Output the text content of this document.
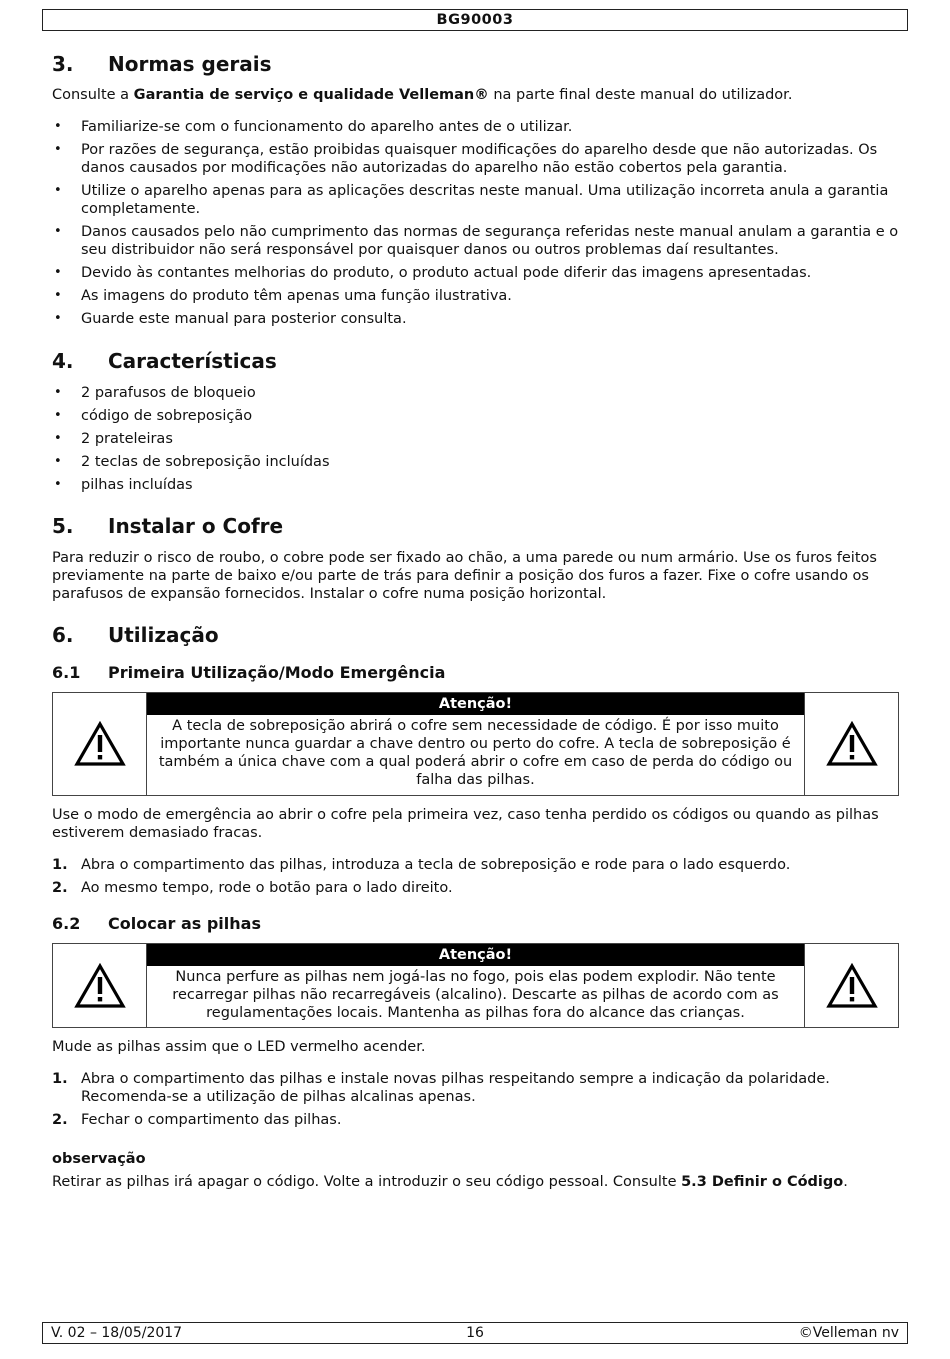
BG90003
3. Normas gerais
Consulte a Garantia de serviço e qualidade Velleman® na parte final deste manual do utilizador.
• Familiarize-se com o funcionamento do aparelho antes de o utilizar.
• Por razões de segurança, estão proibidas quaisquer modificações do aparelho desde que não autorizadas. Os danos causados por modificações não autorizadas do aparelho não estão cobertos pela garantia.
• Utilize o aparelho apenas para as aplicações descritas neste manual. Uma utilização incorreta anula a garantia completamente.
• Danos causados pelo não cumprimento das normas de segurança referidas neste manual anulam a garantia e o seu distribuidor não será responsável por quaisquer danos ou outros problemas daí resultantes.
• Devido às contantes melhorias do produto, o produto actual pode diferir das imagens apresentadas.
• As imagens do produto têm apenas uma função ilustrativa.
• Guarde este manual para posterior consulta.
4. Características
• 2 parafusos de bloqueio
• código de sobreposição
• 2 prateleiras
• 2 teclas de sobreposição incluídas
• pilhas incluídas
5. Instalar o Cofre
Para reduzir o risco de roubo, o cobre pode ser fixado ao chão, a uma parede ou num armário. Use os furos feitos previamente na parte de baixo e/ou parte de trás para definir a posição dos furos a fazer. Fixe o cofre usando os parafusos de expansão fornecidos. Instalar o cofre numa posição horizontal.
6. Utilização
6.1 Primeira Utilização/Modo Emergência
Atenção!
A tecla de sobreposição abrirá o cofre sem necessidade de código. É por isso muito importante nunca guardar a chave dentro ou perto do cofre. A tecla de sobreposição é também a única chave com a qual poderá abrir o cofre em caso de perda do código ou falha das pilhas.
Use o modo de emergência ao abrir o cofre pela primeira vez, caso tenha perdido os códigos ou quando as pilhas estiverem demasiado fracas.
1. Abra o compartimento das pilhas, introduza a tecla de sobreposição e rode para o lado esquerdo.
2. Ao mesmo tempo, rode o botão para o lado direito.
6.2 Colocar as pilhas
Atenção!
Nunca perfure as pilhas nem jogá-las no fogo, pois elas podem explodir. Não tente recarregar pilhas não recarregáveis (alcalino). Descarte as pilhas de acordo com as regulamentações locais. Mantenha as pilhas fora do alcance das crianças.
Mude as pilhas assim que o LED vermelho acender.
1. Abra o compartimento das pilhas e instale novas pilhas respeitando sempre a indicação da polaridade. Recomenda-se a utilização de pilhas alcalinas apenas.
2. Fechar o compartimento das pilhas.
observação
Retirar as pilhas irá apagar o código. Volte a introduzir o seu código pessoal. Consulte 5.3 Definir o Código.
V. 02 – 18/05/2017	16	©Velleman nv
